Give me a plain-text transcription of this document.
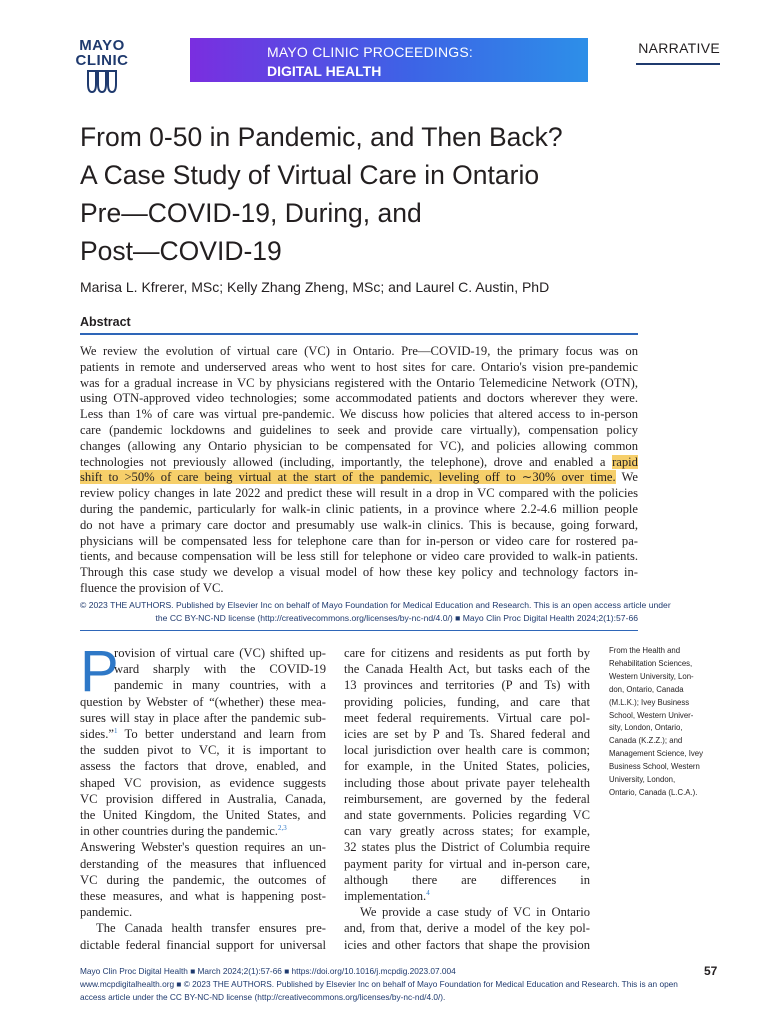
MAYO
CLINIC	MAYO CLINIC PROCEEDINGS:
DIGITAL HEALTH
NARRATIVE
From 0-50 in Pandemic, and Then Back?
A Case Study of Virtual Care in Ontario
Pre—COVID-19, During, and
Post—COVID-19
Marisa L. Kfrerer, MSc; Kelly Zhang Zheng, MSc; and Laurel C. Austin, PhD
Abstract
We review the evolution of virtual care (VC) in Ontario. Pre—COVID-19, the primary focus was on
patients in remote and underserved areas who went to host sites for care. Ontario's vision pre-pandemic
was for a gradual increase in VC by physicians registered with the Ontario Telemedicine Network (OTN),
using OTN-approved video technologies; some accommodated patients and doctors wherever they were.
Less than 1% of care was virtual pre-pandemic. We discuss how policies that altered access to in-person
care (pandemic lockdowns and guidelines to seek and provide care virtually), compensation policy
changes (allowing any Ontario physician to be compensated for VC), and policies allowing common
technologies not previously allowed (including, importantly, the telephone), drove and enabled a rapid
shift to >50% of care being virtual at the start of the pandemic, leveling off to ∼30% over time. We
review policy changes in late 2022 and predict these will result in a drop in VC compared with the policies
during the pandemic, particularly for walk-in clinic patients, in a province where 2.2-4.6 million people
do not have a primary care doctor and presumably use walk-in clinics. This is because, going forward,
physicians will be compensated less for telephone care than for in-person or video care for rostered pa-
tients, and because compensation will be less still for telephone or video care provided to walk-in patients.
Through this case study we develop a visual model of how these key policy and technology factors in-
fluence the provision of VC.
© 2023 THE AUTHORS. Published by Elsevier Inc on behalf of Mayo Foundation for Medical Education and Research. This is an open access article under
the CC BY-NC-ND license (http://creativecommons.org/licenses/by-nc-nd/4.0/) ■ Mayo Clin Proc Digital Health 2024;2(1):57-66
P
rovision of virtual care (VC) shifted up-
ward sharply with the COVID-19
pandemic in many countries, with a
question by Webster of “(whether) these mea-
sures will stay in place after the pandemic sub-
sides.”$^1$ To better understand and learn from
the sudden pivot to VC, it is important to
assess the factors that drove, enabled, and
shaped VC provision, as evidence suggests
VC provision differed in Australia, Canada,
the United Kingdom, the United States, and
in other countries during the pandemic.$^{2,3}$
Answering Webster's question requires an un-
derstanding of the measures that influenced
VC during the pandemic, the outcomes of
these measures, and what is happening post-
pandemic.
The Canada health transfer ensures pre-
dictable federal financial support for universal
care for citizens and residents as put forth by
the Canada Health Act, but tasks each of the
13 provinces and territories (P and Ts) with
providing policies, funding, and care that
meet federal requirements. Virtual care pol-
icies are set by P and Ts. Shared federal and
local jurisdiction over health care is common;
for example, in the United States, policies,
including those about private payer telehealth
reimbursement, are governed by the federal
and state governments. Policies regarding VC
can vary greatly across states; for example,
32 states plus the District of Columbia require
payment parity for virtual and in-person care,
although there are differences in
implementation.$^4$
We provide a case study of VC in Ontario
and, from that, derive a model of the key pol-
icies and other factors that shape the provision
From the Health and
Rehabilitation Sciences,
Western University, Lon-
don, Ontario, Canada
(M.L.K.); Ivey Business
School, Western Univer-
sity, London, Ontario,
Canada (K.Z.Z.); and
Management Science, Ivey
Business School, Western
University, London,
Ontario, Canada (L.C.A.).
Mayo Clin Proc Digital Health ■ March 2024;2(1):57-66 ■ https://doi.org/10.1016/j.mcpdig.2023.07.004
www.mcpdigitalhealth.org ■ © 2023 THE AUTHORS. Published by Elsevier Inc on behalf of Mayo Foundation for Medical Education and Research. This is an open
access article under the CC BY-NC-ND license (http://creativecommons.org/licenses/by-nc-nd/4.0/).
57
